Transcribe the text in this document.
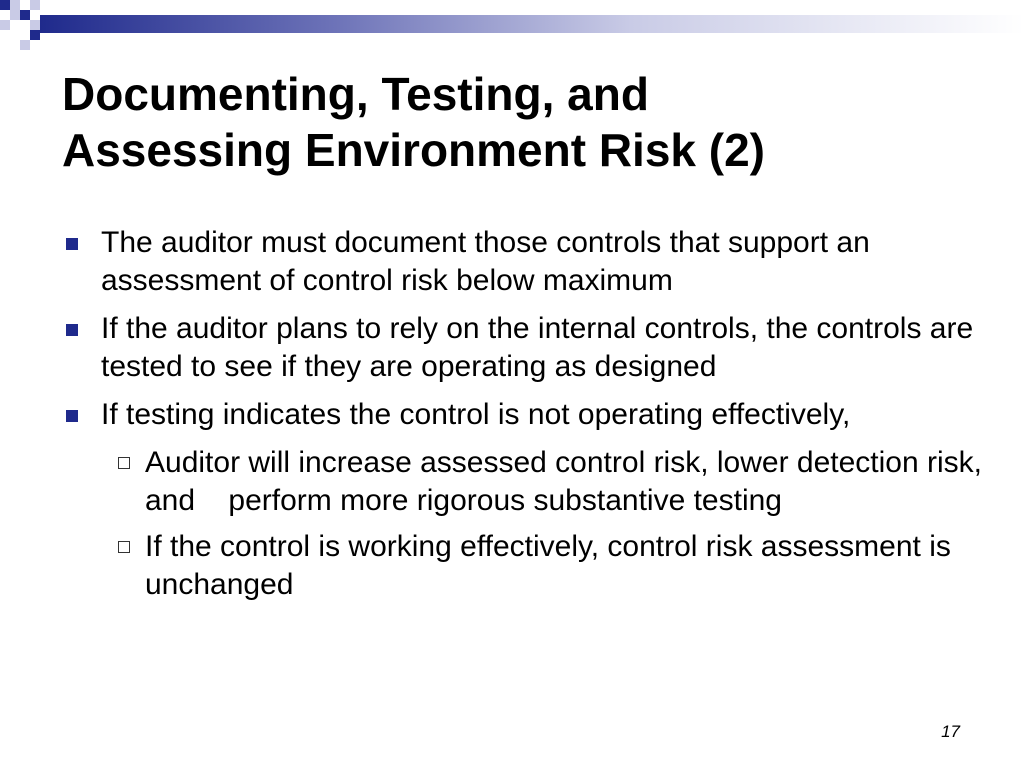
Documenting, Testing, and
Assessing Environment Risk (2)
The auditor must document those controls that support an assessment of control risk below maximum
If the auditor plans to rely on the internal controls, the controls are tested to see if they are operating as designed
If testing indicates the control is not operating effectively,
Auditor will increase assessed control risk, lower detection risk, and    perform more rigorous substantive testing
If the control is working effectively, control risk assessment is unchanged
17
